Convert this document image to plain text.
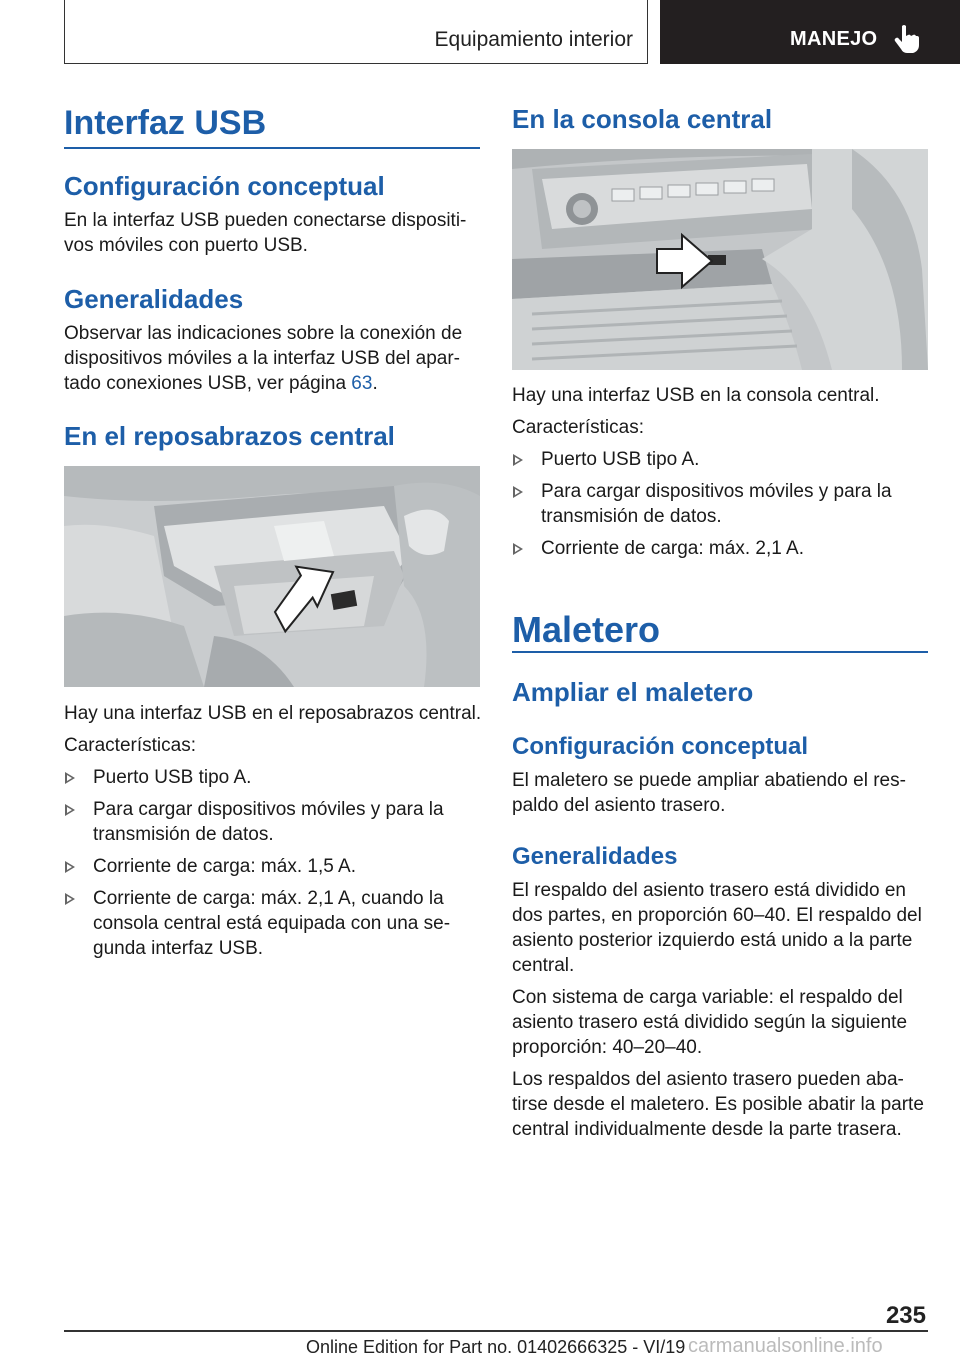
Equipamiento interior	MANEJO
Interfaz USB
Configuración conceptual
En la interfaz USB pueden conectarse dispositi‐
vos móviles con puerto USB.
Generalidades
Observar las indicaciones sobre la conexión de
dispositivos móviles a la interfaz USB del apar‐
tado conexiones USB, ver página 63.
En el reposabrazos central
Hay una interfaz USB en el reposabrazos central.
Características:
Puerto USB tipo A.
Para cargar dispositivos móviles y para la
transmisión de datos.
Corriente de carga: máx. 1,5 A.
Corriente de carga: máx. 2,1 A, cuando la
consola central está equipada con una se‐
gunda interfaz USB.
En la consola central
Hay una interfaz USB en la consola central.
Características:
Puerto USB tipo A.
Para cargar dispositivos móviles y para la
transmisión de datos.
Corriente de carga: máx. 2,1 A.
Maletero
Ampliar el maletero
Configuración conceptual
El maletero se puede ampliar abatiendo el res‐
paldo del asiento trasero.
Generalidades
El respaldo del asiento trasero está dividido en
dos partes, en proporción 60–40. El respaldo del
asiento posterior izquierdo está unido a la parte
central.
Con sistema de carga variable: el respaldo del
asiento trasero está dividido según la siguiente
proporción: 40–20–40.
Los respaldos del asiento trasero pueden aba‐
tirse desde el maletero. Es posible abatir la parte
central individualmente desde la parte trasera.
235
Online Edition for Part no. 01402666325 - VI/19 carmanualsonline.info
